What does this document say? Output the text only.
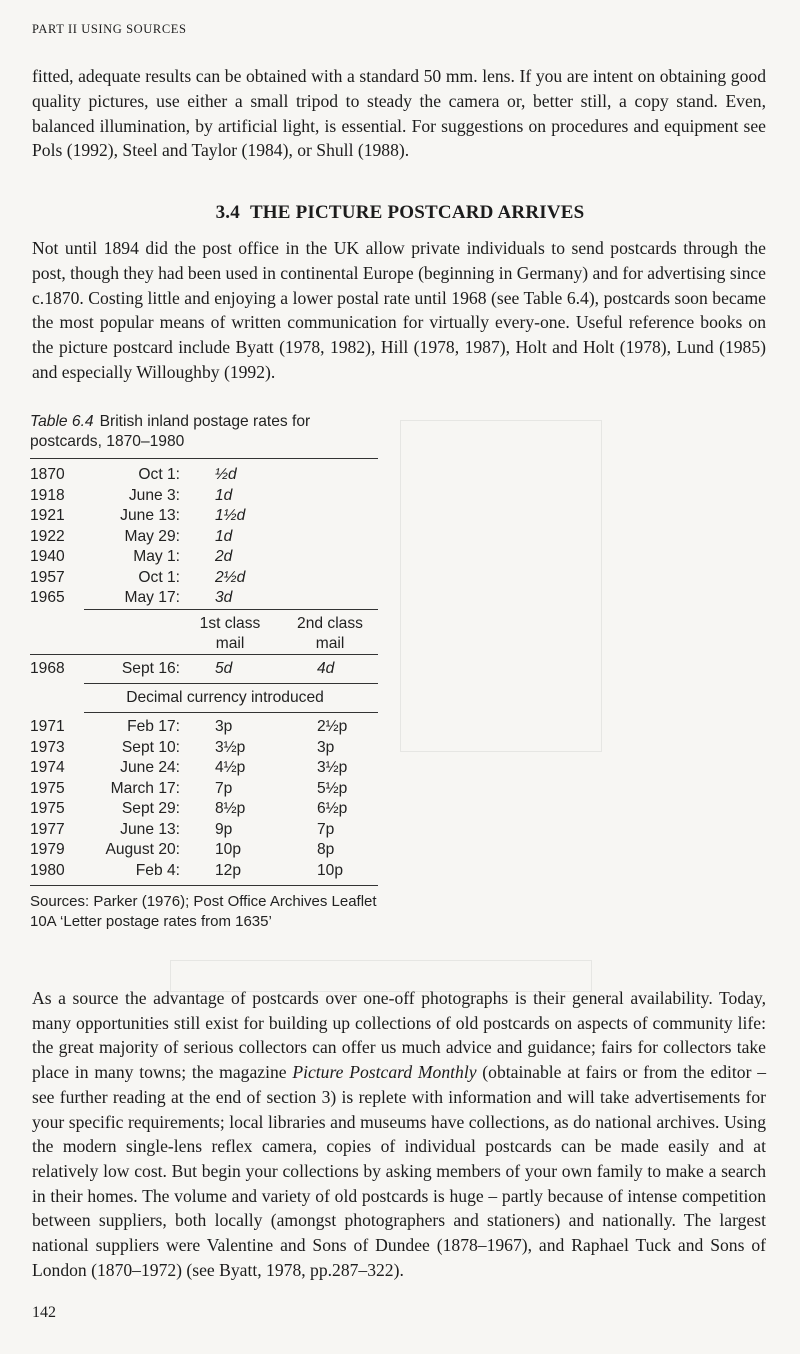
PART II USING SOURCES

fitted, adequate results can be obtained with a standard 50 mm. lens. If you are intent on obtaining good quality pictures, use either a small tripod to steady the camera or, better still, a copy stand. Even, balanced illumination, by artificial light, is essential. For suggestions on procedures and equipment see Pols (1992), Steel and Taylor (1984), or Shull (1988).

3.4 THE PICTURE POSTCARD ARRIVES

Not until 1894 did the post office in the UK allow private individuals to send postcards through the post, though they had been used in continental Europe (beginning in Germany) and for advertising since c.1870. Costing little and enjoying a lower postal rate until 1968 (see Table 6.4), postcards soon became the most popular means of written communication for virtually every-one. Useful reference books on the picture postcard include Byatt (1978, 1982), Hill (1978, 1987), Holt and Holt (1978), Lund (1985) and especially Willoughby (1992).

Table 6.4 British inland postage rates for postcards, 1870–1980
1870	Oct 1: ½d
1918	June 3: 1d
1921	June 13: 1½d
1922	May 29: 1d
1940	May 1: 2d
1957	Oct 1: 2½d
1965	May 17: 3d
1st class mail
2nd class mail
1968	Sept 16: 5d	4d
Decimal currency introduced
1971	Feb 17: 3p	2½p
1973	Sept 10: 3½p	3p
1974	June 24: 4½p	3½p
1975	March 17: 7p	5½p
1975	Sept 29: 8½p	6½p
1977	June 13: 9p	7p
1979	August 20: 10p	8p
1980	Feb 4: 12p	10p
Sources: Parker (1976); Post Office Archives Leaflet 10A ‘Letter postage rates from 1635’

As a source the advantage of postcards over one-off photographs is their general availability. Today, many opportunities still exist for building up collections of old postcards on aspects of community life: the great majority of serious collectors can offer us much advice and guidance; fairs for collectors take place in many towns; the magazine Picture Postcard Monthly (obtainable at fairs or from the editor – see further reading at the end of section 3) is replete with information and will take advertisements for your specific requirements; local libraries and museums have collections, as do national archives. Using the modern single-lens reflex camera, copies of individual postcards can be made easily and at relatively low cost. But begin your collections by asking members of your own family to make a search in their homes. The volume and variety of old postcards is huge – partly because of intense competition between suppliers, both locally (amongst photographers and stationers) and nationally. The largest national suppliers were Valentine and Sons of Dundee (1878–1967), and Raphael Tuck and Sons of London (1870–1972) (see Byatt, 1978, pp.287–322).

142
